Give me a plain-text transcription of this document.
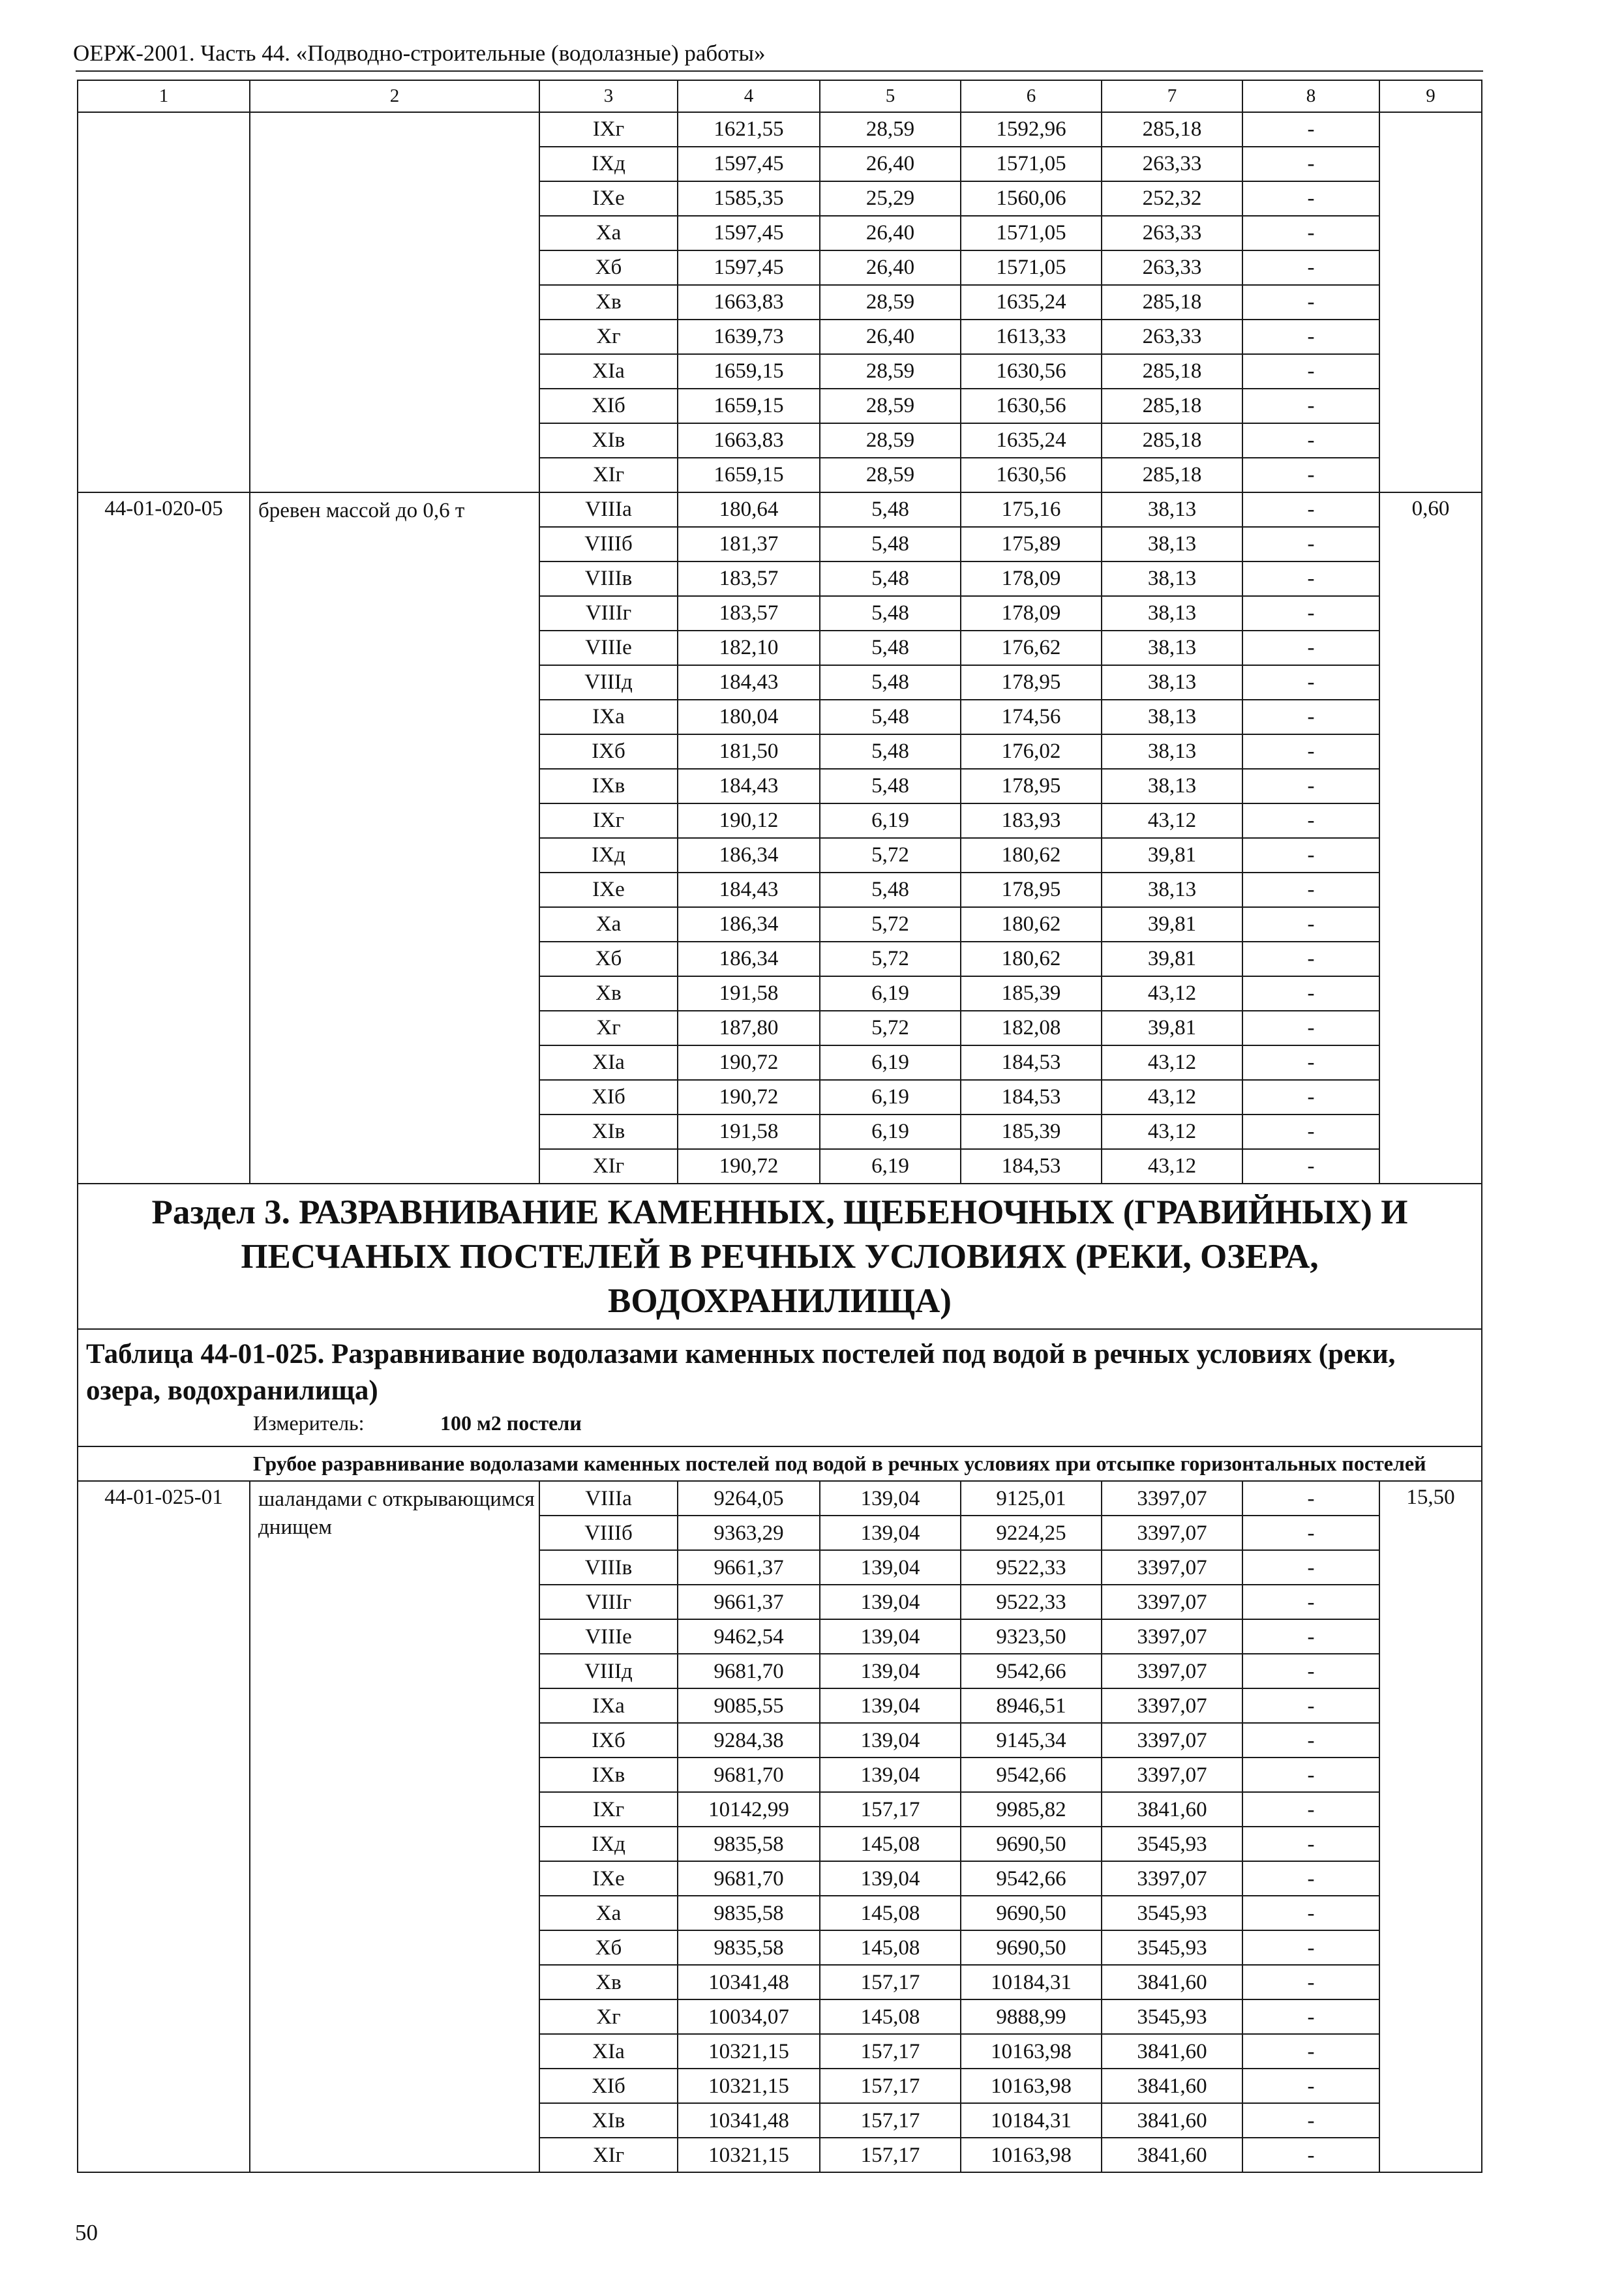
ОЕРЖ-2001. Часть 44. «Подводно-строительные (водолазные) работы»
1	2	3	4	5	6	7	8	9
		IXг	1621,55	28,59	1592,96	285,18	-	
		IXд	1597,45	26,40	1571,05	263,33	-	
		IXе	1585,35	25,29	1560,06	252,32	-	
		Xа	1597,45	26,40	1571,05	263,33	-	
		Xб	1597,45	26,40	1571,05	263,33	-	
		Xв	1663,83	28,59	1635,24	285,18	-	
		Xг	1639,73	26,40	1613,33	263,33	-	
		XIа	1659,15	28,59	1630,56	285,18	-	
		XIб	1659,15	28,59	1630,56	285,18	-	
		XIв	1663,83	28,59	1635,24	285,18	-	
		XIг	1659,15	28,59	1630,56	285,18	-	
44-01-020-05	бревен массой до 0,6 т	VIIIа	180,64	5,48	175,16	38,13	-	0,60
		VIIIб	181,37	5,48	175,89	38,13	-	
		VIIIв	183,57	5,48	178,09	38,13	-	
		VIIIг	183,57	5,48	178,09	38,13	-	
		VIIIе	182,10	5,48	176,62	38,13	-	
		VIIIд	184,43	5,48	178,95	38,13	-	
		IXа	180,04	5,48	174,56	38,13	-	
		IXб	181,50	5,48	176,02	38,13	-	
		IXв	184,43	5,48	178,95	38,13	-	
		IXг	190,12	6,19	183,93	43,12	-	
		IXд	186,34	5,72	180,62	39,81	-	
		IXе	184,43	5,48	178,95	38,13	-	
		Xа	186,34	5,72	180,62	39,81	-	
		Xб	186,34	5,72	180,62	39,81	-	
		Xв	191,58	6,19	185,39	43,12	-	
		Xг	187,80	5,72	182,08	39,81	-	
		XIа	190,72	6,19	184,53	43,12	-	
		XIб	190,72	6,19	184,53	43,12	-	
		XIв	191,58	6,19	185,39	43,12	-	
		XIг	190,72	6,19	184,53	43,12	-	
Раздел 3. РАЗРАВНИВАНИЕ КАМЕННЫХ, ЩЕБЕНОЧНЫХ (ГРАВИЙНЫХ) И ПЕСЧАНЫХ ПОСТЕЛЕЙ В РЕЧНЫХ УСЛОВИЯХ (РЕКИ, ОЗЕРА, ВОДОХРАНИЛИЩА)								
Таблица 44-01-025. Разравнивание водолазами каменных постелей под водой в речных условиях (реки, озера, водохранилища)								

Измеритель: 100 м2 постели								

Грубое разравнивание водолазами каменных постелей под водой в речных условиях при отсыпке горизонтальных постелей								
44-01-025-01	шаландами с открывающимся днищем	VIIIа	9264,05	139,04	9125,01	3397,07	-	15,50
		VIIIб	9363,29	139,04	9224,25	3397,07	-	
		VIIIв	9661,37	139,04	9522,33	3397,07	-	
		VIIIг	9661,37	139,04	9522,33	3397,07	-	
		VIIIе	9462,54	139,04	9323,50	3397,07	-	
		VIIIд	9681,70	139,04	9542,66	3397,07	-	
		IXа	9085,55	139,04	8946,51	3397,07	-	
		IXб	9284,38	139,04	9145,34	3397,07	-	
		IXв	9681,70	139,04	9542,66	3397,07	-	
		IXг	10142,99	157,17	9985,82	3841,60	-	
		IXд	9835,58	145,08	9690,50	3545,93	-	
		IXе	9681,70	139,04	9542,66	3397,07	-	
		Xа	9835,58	145,08	9690,50	3545,93	-	
		Xб	9835,58	145,08	9690,50	3545,93	-	
		Xв	10341,48	157,17	10184,31	3841,60	-	
		Xг	10034,07	145,08	9888,99	3545,93	-	
		XIа	10321,15	157,17	10163,98	3841,60	-	
		XIб	10321,15	157,17	10163,98	3841,60	-	
		XIв	10341,48	157,17	10184,31	3841,60	-	
		XIг	10321,15	157,17	10163,98	3841,60	-	
50
